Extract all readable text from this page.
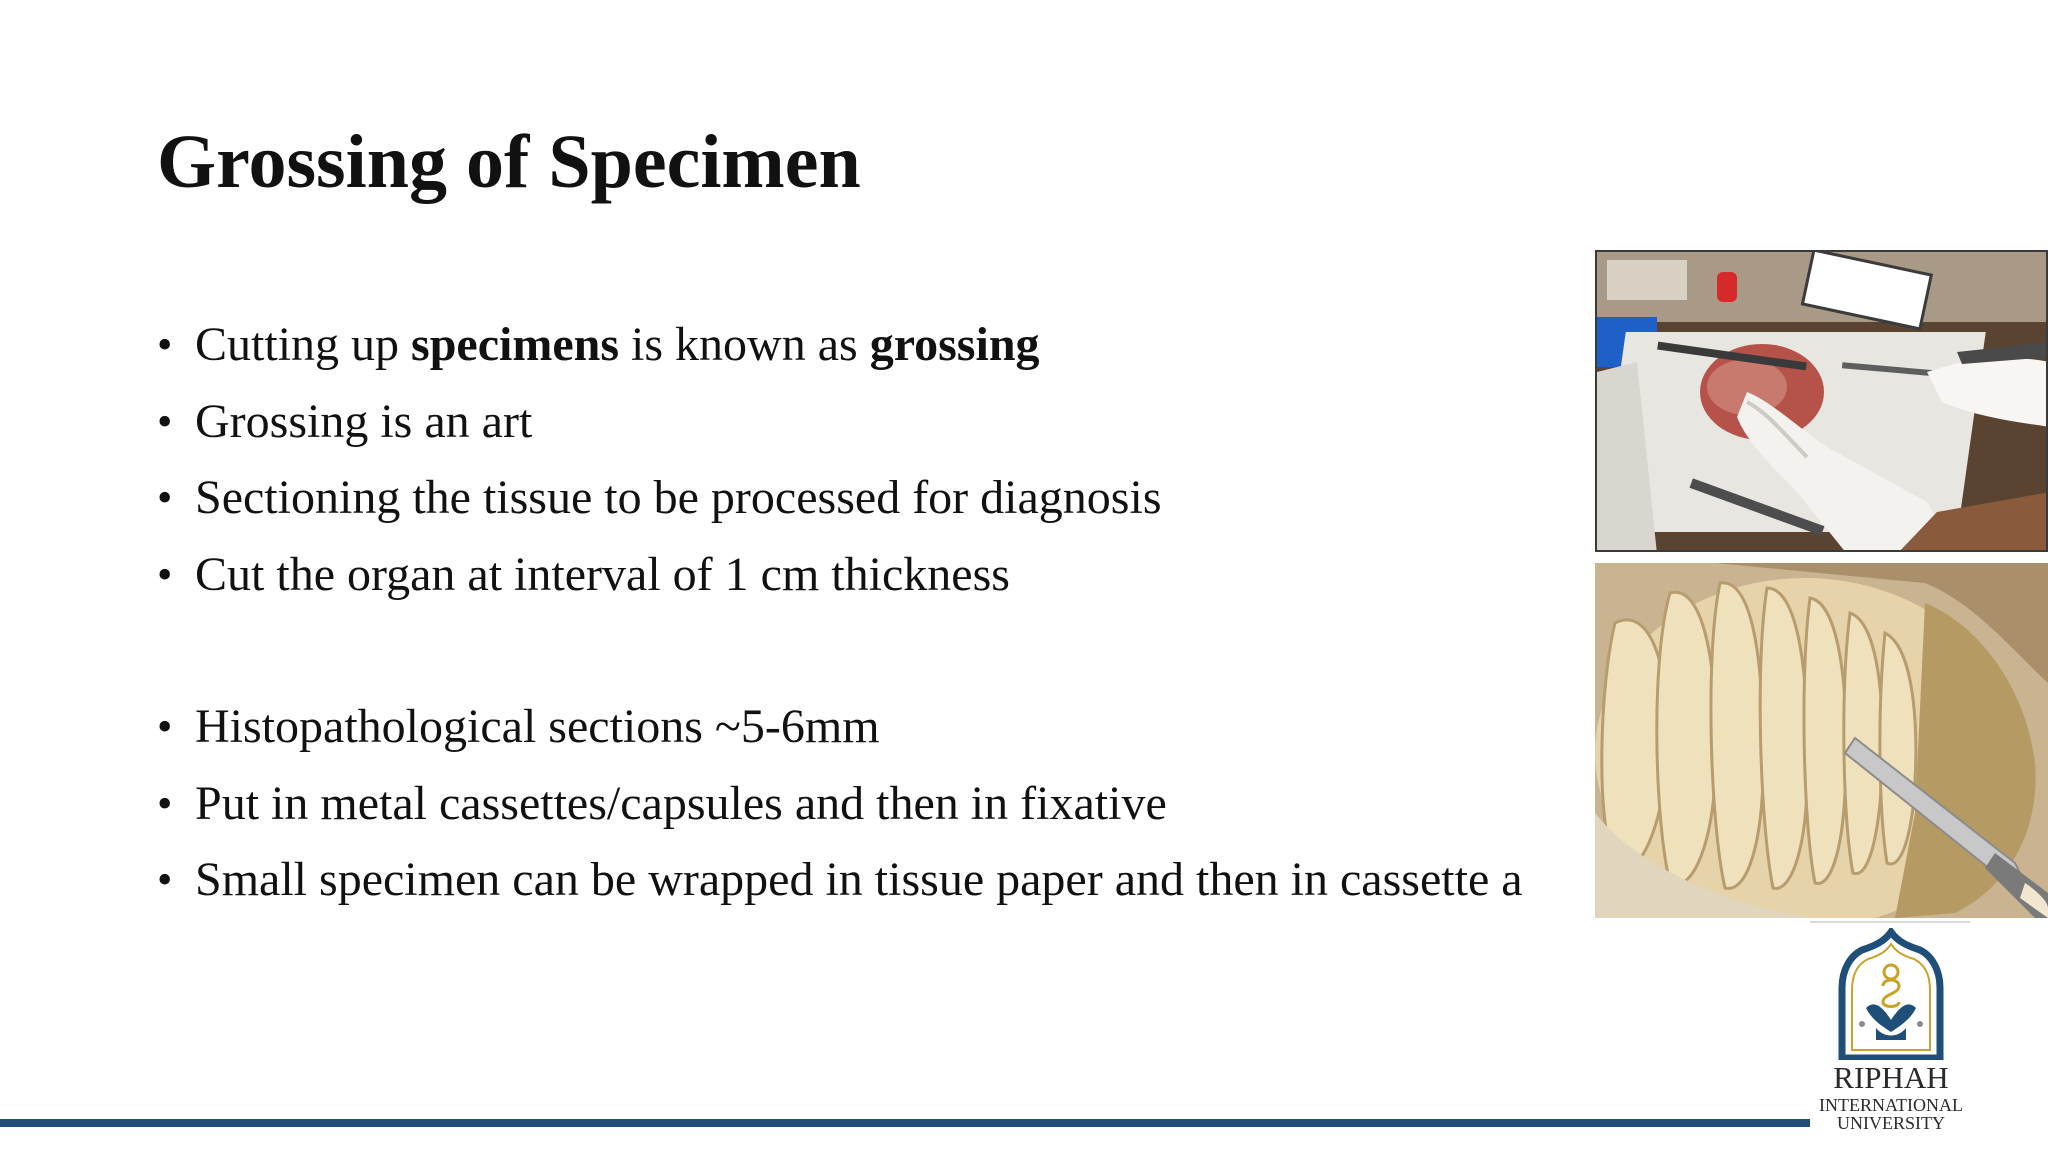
Grossing of Specimen
• Cutting up specimens is known as grossing
• Grossing is an art
• Sectioning the tissue to be processed for diagnosis
• Cut the organ at interval of 1 cm thickness
• Histopathological sections ~5-6mm
• Put in metal cassettes/capsules and then in fixative
• Small specimen can be wrapped in tissue paper and then in cassette a
RIPHAH
INTERNATIONAL
UNIVERSITY
